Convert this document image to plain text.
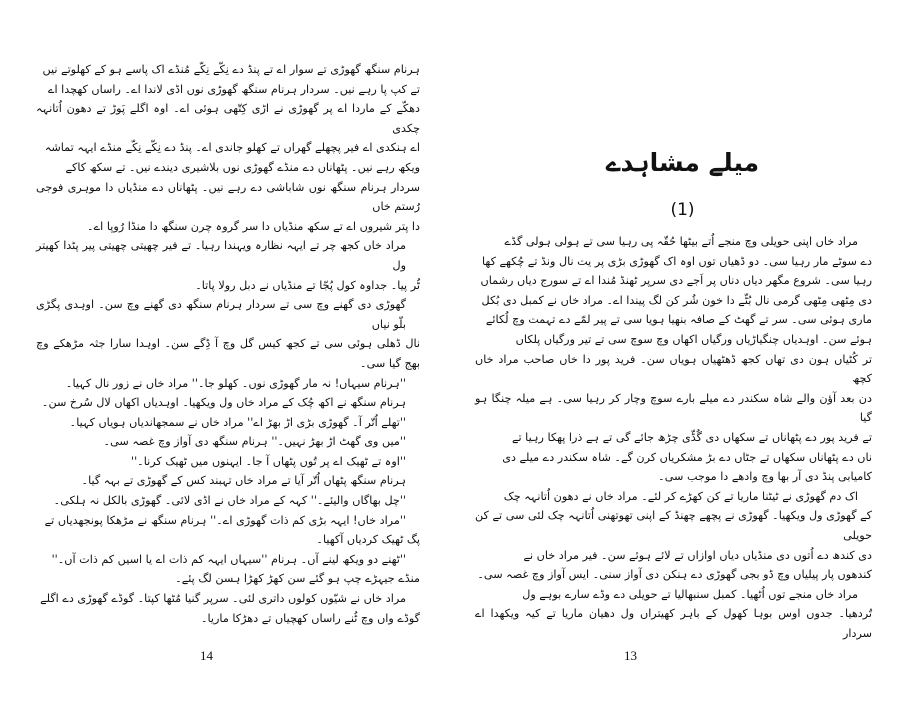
ہرنام سنگھ گھوڑی تے سوار اے تے پنڈ دے نِکّے نِکّے مُنڈے اک پاسے ہو کے کھلوتے نیں

تے کپ پا رہے نیں۔ سردار ہرنام سنگھ گھوڑی نوں اڈی لاندا اے۔ راساں کھچدا اے

دھکّے کے ماردا اے پر گھوڑی نے اڑی کِتّھی ہوئی اے۔ اوہ اگلے پَوڑ تے دھون اُتانہہ چکدی

اے ہنکدی اے فیر پچھلے گھراں تے کھلو جاندی اے۔ پنڈ دے نِکّے نِکّے منڈے ایہہ تماشہ

ویکھ رہے نیں۔ پٹھاناں دے منڈے گھوڑی نوں بلاشیری دیندے نیں۔ تے سکھ کاکے

سردار ہرنام سنگھ نوں شاباشی دے رہے نیں۔ پٹھاناں دے منڈیاں دا موہری فوجی رُستم خاں

دا پتر شیروں اے تے سکھ منڈیاں دا سر گروہ چرن سنگھ دا منڈا رُوپا اے۔

مراد خاں کجھ چر تے ایہہ نظارہ ویہندا رہیا۔ تے فیر چھیتی چھیتی پیر پٹدا کھیتر ول

ٹُر پیا۔ جداوہ کول پُجّا تے منڈیاں نے دبل رولا پاتا۔

گھوڑی دی گھنے وچ سی تے سردار ہرنام سنگھ دی گھنے وچ سن۔ اوہدی پگڑی بلّو نیاں

نال ڈھلی ہوئی سی تے کجھ کیس گل وچ آ ڈِگے سن۔ اوہدا سارا جثہ مڑھکے وچ بھج گیا سی۔

''ہرنام سیہاں! نہ مار گھوڑی نوں۔ کھلو جا۔'' مراد خاں نے زور نال کہیا۔

ہرنام سنگھ نے اکھ چُک کے مراد خاں ول ویکھیا۔ اوہدیاں اکھاں لال سُرخ سن۔

''تھلے اُتّر آ۔ گھوڑی بڑی اڑ بھڑ اے'' مراد خاں نے سمجھاندیاں ہویاں کہیا۔

''میں وی گھٹ اڑ بھڑ نہیں۔'' ہرنام سنگھ دی آواز وچ غصہ سی۔

''اوہ تے ٹھیک اے پر تُوں پٹھاں آ جا۔ ایہنوں میں ٹھیک کرنا۔''

ہرنام سنگھ پٹھاں اُتّر آیا تے مراد خاں تہبند کس کے گھوڑی تے بہہ گیا۔

''چل بھاگاں والیئے۔'' کہہ کے مراد خاں نے اڈی لائی۔ گھوڑی بالکل نہ ہلکی۔

''مراد خاں! ایہہ بڑی کم ذات گھوڑی اے۔'' ہرنام سنگھ نے مڑھکا پونجھدیاں تے

پگ ٹھیک کردیاں آکھیا۔

''ٹھنے دو ویکھ لینے آں۔ ہرنام ''سیہاں ایہہ کم ذات اے یا اسیں کم ذات آں۔''

منڈے جیہڑے چپ ہو گئے سن کھڑ کھڑا ہسن لگ پئے۔

مراد خاں نے شیّوں کولوں داتری لئی۔ سرپر گنیا مُٹھا کپتا۔ گوڈے گھوڑی دے اگلے

گوڈے واں وچ ٹُنے راساں کھچیاں تے دھڑکا ماریا۔

14
میلے مشاہدے
(1)

مراد خاں اپنی حویلی وچ منجے اُتے بیٹھا حُقّہ پی رہیا سی تے ہولی ہولی گڈے

دے سوٹے مار رہیا سی۔ دو ڈھیاں توں اوہ اک گھوڑی بڑی پر یت نال ونڈ تے چُکھے کھا

رہیا سی۔ شروع مگھر دیاں دناں پر اَجے دی سرپر ٹھنڈ مُندا اے تے سورج دیاں رشماں

دی مِٹھی مِٹھی گرمی نال بُٹّے دا خون شُر کن لگ پیندا اے۔ مراد خاں نے کمبل دی بُکل

ماری ہوئی سی۔ سر تے گھٹ کے صافہ بنھیا ہویا سی تے پیر لمّے دے تہمت وچ لُکائے

ہوئے سن۔ اوہدیاں چنگیاڑیاں ورگیاں اکھاں وچ سوچ سی تے تیر ورگیاں پلکاں

تر کُٹیاں ہون دی تھاں کجھ ڈھٹھیاں ہویاں سن۔ فرید پور دا خاں صاحب مراد خاں کچھ

دن بعد آؤن والے شاہ سکندر دے میلے بارے سوچ وچار کر رہیا سی۔ ہے میلہ چنگا ہو گیا

تے فرید پور دے پٹھاناں تے سکھاں دی گُڈّی چڑھ جائے گی تے ہے ذرا پھکا رہیا تے

ناں دے پٹھاناں سکھاں تے جٹاں دے بڑ مشکریاں کرن گے۔ شاہ سکندر دے میلے دی

کامیابی پنڈ دی آر بھا وچ وادھے دا موجب سی۔

اک دم گھوڑی نے ٹیٹنا ماریا تے کن کھڑے کر لئے۔ مراد خاں نے دھون اُتانہہ چک

کے گھوڑی ول ویکھیا۔ گھوڑی نے پچھے چھنڈ کے اپنی تھوتھنی اُتانہہ چک لئی سی تے کن حویلی

دی کندھ دے اُتوں دی منڈیاں دیاں اوازاں تے لائے ہوئے سن۔ فیر مراد خاں نے

کندھوں پار پیلیاں وچ ڈو بجی گھوڑی دے ہنکن دی آواز سنی۔ ایس آواز وچ غصہ سی۔

مراد خاں منجے توں اُٹھیا۔ کمبل سنبھالیا تے حویلی دے وڈے سارے بوہے ول

تُردھیا۔ جدوں اوس بوہا کھول کے باہر کھیتراں ول دھیان ماریا تے کیہ ویکھدا اے سردار

13
